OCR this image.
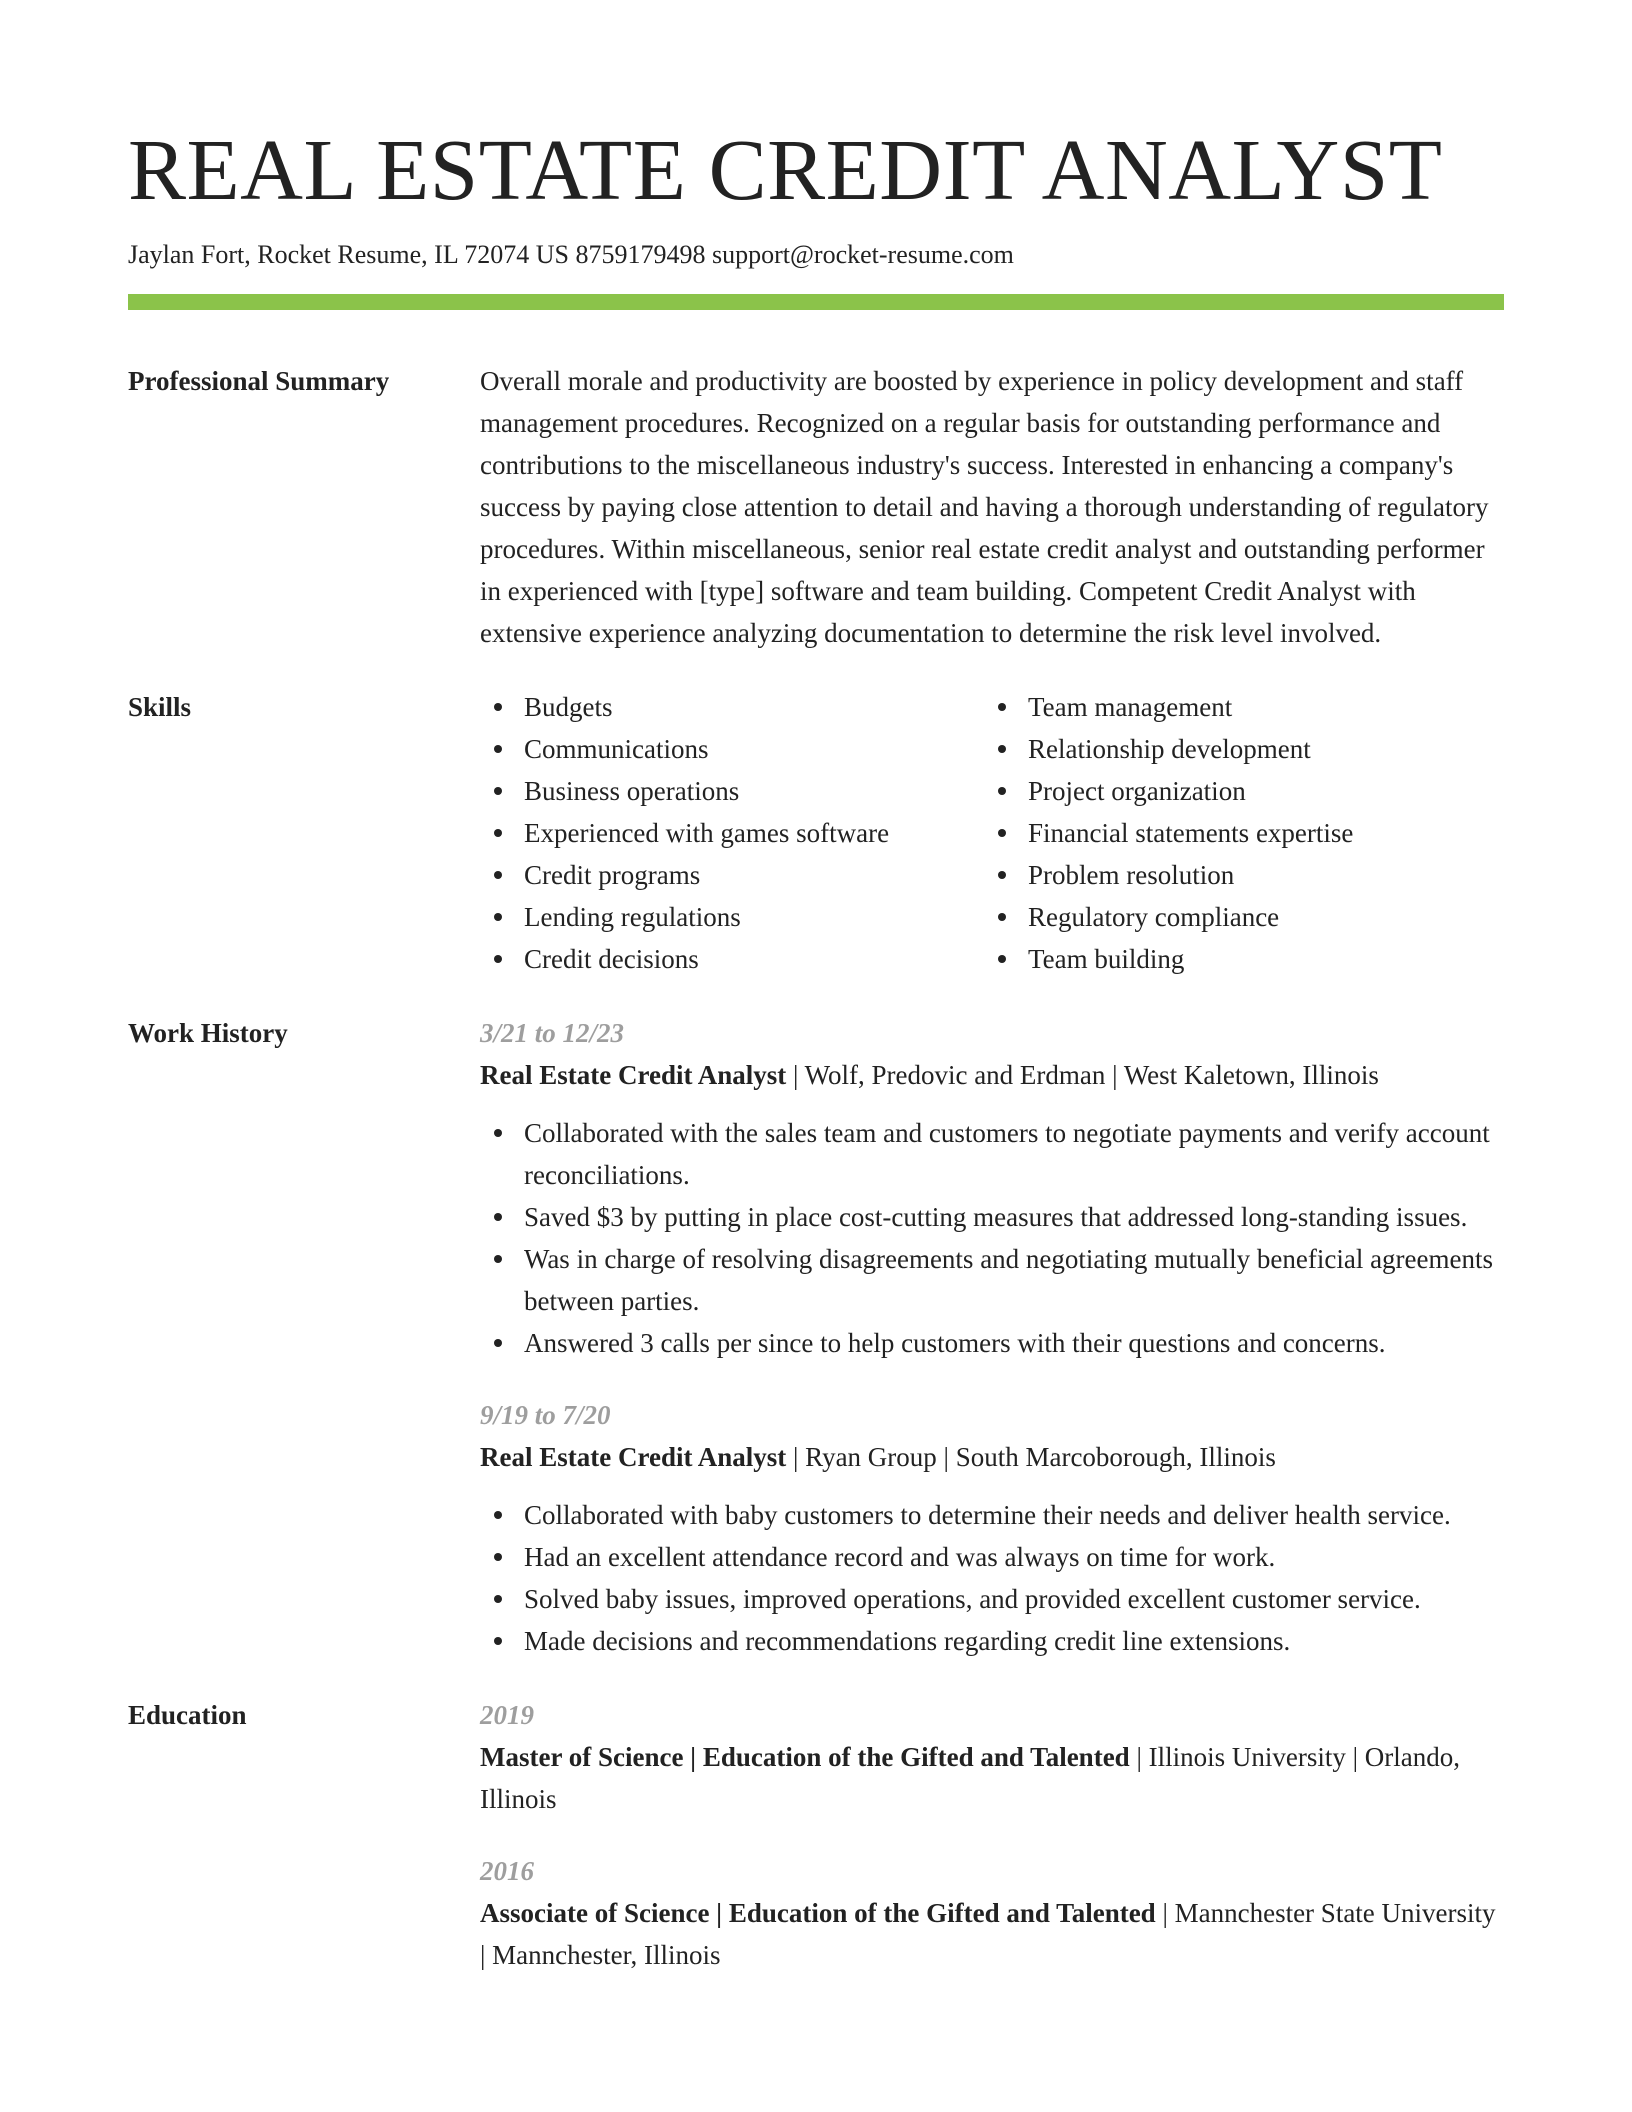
REAL ESTATE CREDIT ANALYST
Jaylan Fort, Rocket Resume, IL 72074 US 8759179498 support@rocket-resume.com
Professional Summary	Overall morale and productivity are boosted by experience in policy development and staff management procedures. Recognized on a regular basis for outstanding performance and contributions to the miscellaneous industry's success. Interested in enhancing a company's success by paying close attention to detail and having a thorough understanding of regulatory procedures. Within miscellaneous, senior real estate credit analyst and outstanding performer in experienced with [type] software and team building. Competent Credit Analyst with extensive experience analyzing documentation to determine the risk level involved.
Skills	Budgets
Communications
Business operations
Experienced with games software
Credit programs
Lending regulations
Credit decisions
Team management
Relationship development
Project organization
Financial statements expertise
Problem resolution
Regulatory compliance
Team building
Work History	3/21 to 12/23
Real Estate Credit Analyst | Wolf, Predovic and Erdman | West Kaletown, Illinois
Collaborated with the sales team and customers to negotiate payments and verify account reconciliations.
Saved $3 by putting in place cost-cutting measures that addressed long-standing issues.
Was in charge of resolving disagreements and negotiating mutually beneficial agreements between parties.
Answered 3 calls per since to help customers with their questions and concerns.
9/19 to 7/20
Real Estate Credit Analyst | Ryan Group | South Marcoborough, Illinois
Collaborated with baby customers to determine their needs and deliver health service.
Had an excellent attendance record and was always on time for work.
Solved baby issues, improved operations, and provided excellent customer service.
Made decisions and recommendations regarding credit line extensions.
Education	2019
Master of Science | Education of the Gifted and Talented | Illinois University | Orlando, Illinois
2016
Associate of Science | Education of the Gifted and Talented | Mannchester State University | Mannchester, Illinois
